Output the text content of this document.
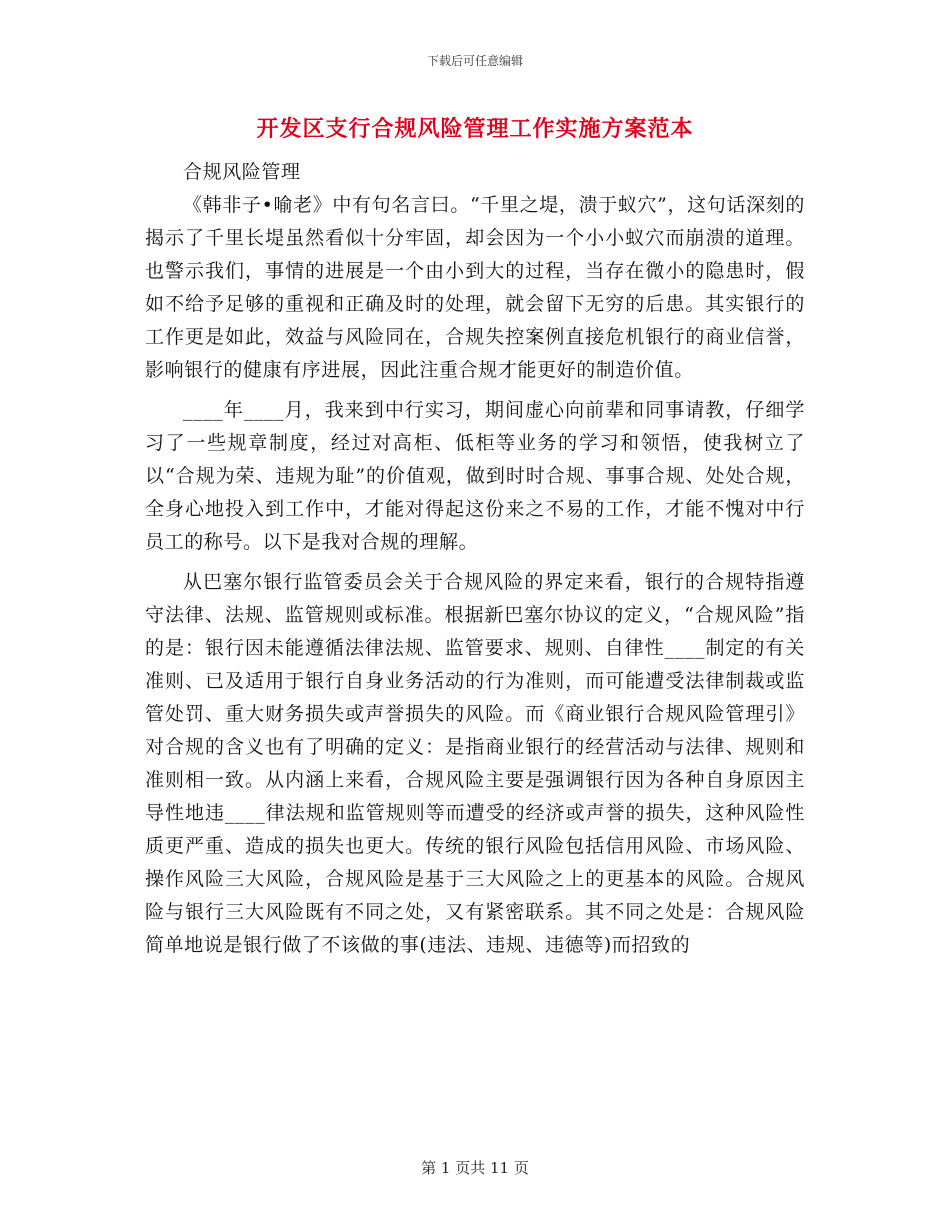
下载后可任意编辑
开发区支行合规风险管理工作实施方案范本

合规风险管理

《韩非子•喻老》中有句名言曰。“千里之堤，溃于蚁穴”，这句话深刻的揭示了千里长堤虽然看似十分牢固，却会因为一个小小蚁穴而崩溃的道理。也警示我们，事情的进展是一个由小到大的过程，当存在微小的隐患时，假如不给予足够的重视和正确及时的处理，就会留下无穷的后患。其实银行的工作更是如此，效益与风险同在，合规失控案例直接危机银行的商业信誉，影响银行的健康有序进展，因此注重合规才能更好的制造价值。

____年____月，我来到中行实习，期间虚心向前辈和同事请教，仔细学习了一些规章制度，经过对高柜、低柜等业务的学习和领悟，使我树立了以“合规为荣、违规为耻”的价值观，做到时时合规、事事合规、处处合规，全身心地投入到工作中，才能对得起这份来之不易的工作，才能不愧对中行员工的称号。以下是我对合规的理解。

从巴塞尔银行监管委员会关于合规风险的界定来看，银行的合规特指遵守法律、法规、监管规则或标准。根据新巴塞尔协议的定义，“合规风险”指的是：银行因未能遵循法律法规、监管要求、规则、自律性____制定的有关准则、已及适用于银行自身业务活动的行为准则，而可能遭受法律制裁或监管处罚、重大财务损失或声誉损失的风险。而《商业银行合规风险管理引》对合规的含义也有了明确的定义：是指商业银行的经营活动与法律、规则和准则相一致。从内涵上来看，合规风险主要是强调银行因为各种自身原因主导性地违____律法规和监管规则等而遭受的经济或声誉的损失，这种风险性质更严重、造成的损失也更大。传统的银行风险包括信用风险、市场风险、操作风险三大风险，合规风险是基于三大风险之上的更基本的风险。合规风险与银行三大风险既有不同之处，又有紧密联系。其不同之处是：合规风险简单地说是银行做了不该做的事(违法、违规、违德等)而招致的

第 1 页共 11 页
